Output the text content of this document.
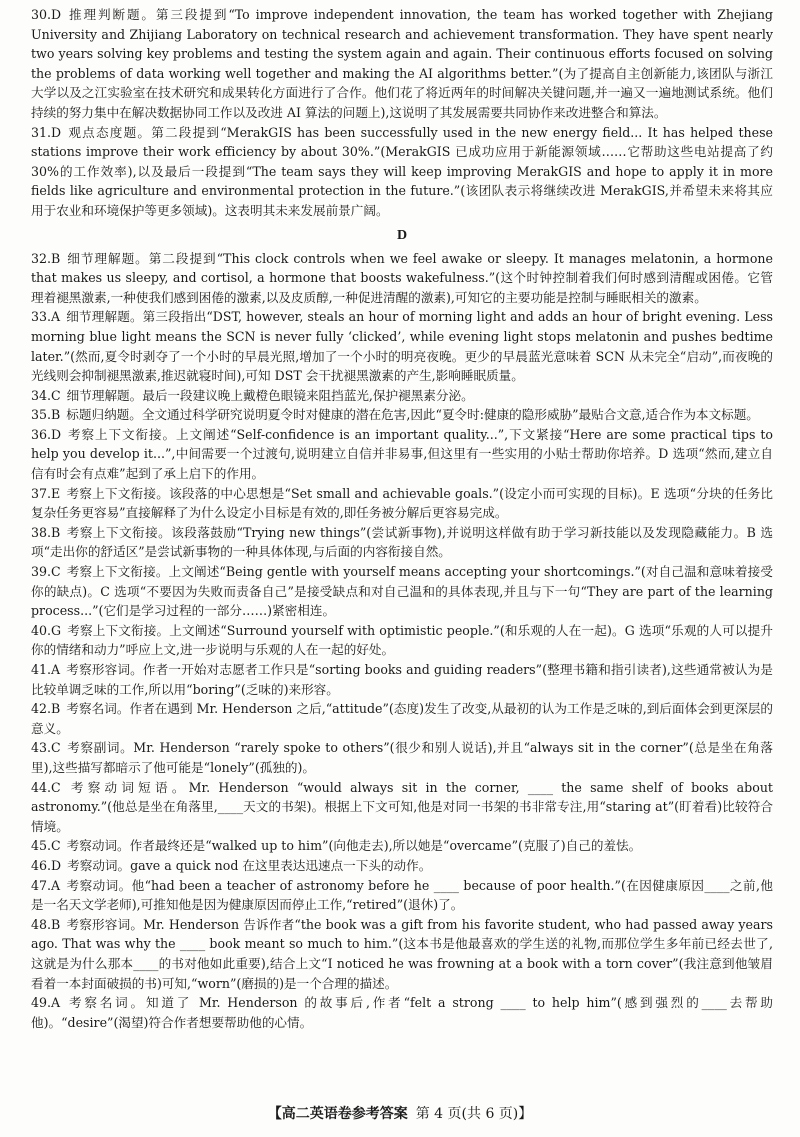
30.D 推理判断题。第三段提到“To improve independent innovation, the team has worked together with Zhejiang University and Zhijiang Laboratory on technical research and achievement transformation. They have spent nearly two years solving key problems and testing the system again and again. Their continuous efforts focused on solving the problems of data working well together and making the AI algorithms better.”(为了提高自主创新能力,该团队与浙江大学以及之江实验室在技术研究和成果转化方面进行了合作。他们花了将近两年的时间解决关键问题,并一遍又一遍地测试系统。他们持续的努力集中在解决数据协同工作以及改进 AI 算法的问题上),这说明了其发展需要共同协作来改进整合和算法。

31.D 观点态度题。第二段提到“MerakGIS has been successfully used in the new energy field... It has helped these stations improve their work efficiency by about 30%.”(MerakGIS 已成功应用于新能源领域……它帮助这些电站提高了约 30%的工作效率),以及最后一段提到“The team says they will keep improving MerakGIS and hope to apply it in more fields like agriculture and environmental protection in the future.”(该团队表示将继续改进 MerakGIS,并希望未来将其应用于农业和环境保护等更多领域)。这表明其未来发展前景广阔。

D

32.B 细节理解题。第二段提到“This clock controls when we feel awake or sleepy. It manages melatonin, a hormone that makes us sleepy, and cortisol, a hormone that boosts wakefulness.”(这个时钟控制着我们何时感到清醒或困倦。它管理着褪黑激素,一种使我们感到困倦的激素,以及皮质醇,一种促进清醒的激素),可知它的主要功能是控制与睡眠相关的激素。

33.A 细节理解题。第三段指出“DST, however, steals an hour of morning light and adds an hour of bright evening. Less morning blue light means the SCN is never fully ‘clicked’, while evening light stops melatonin and pushes bedtime later.”(然而,夏令时剥夺了一个小时的早晨光照,增加了一个小时的明亮夜晚。更少的早晨蓝光意味着 SCN 从未完全“启动”,而夜晚的光线则会抑制褪黑激素,推迟就寝时间),可知 DST 会干扰褪黑激素的产生,影响睡眠质量。

34.C 细节理解题。最后一段建议晚上戴橙色眼镜来阻挡蓝光,保护褪黑素分泌。

35.B 标题归纳题。全文通过科学研究说明夏令时对健康的潜在危害,因此“夏令时:健康的隐形威胁”最贴合文意,适合作为本文标题。

36.D 考察上下文衔接。上文阐述“Self-confidence is an important quality...”,下文紧接“Here are some practical tips to help you develop it...”,中间需要一个过渡句,说明建立自信并非易事,但这里有一些实用的小贴士帮助你培养。D 选项“然而,建立自信有时会有点难”起到了承上启下的作用。

37.E 考察上下文衔接。该段落的中心思想是“Set small and achievable goals.”(设定小而可实现的目标)。E 选项“分块的任务比复杂任务更容易”直接解释了为什么设定小目标是有效的,即任务被分解后更容易完成。

38.B 考察上下文衔接。该段落鼓励“Trying new things”(尝试新事物),并说明这样做有助于学习新技能以及发现隐藏能力。B 选项“走出你的舒适区”是尝试新事物的一种具体体现,与后面的内容衔接自然。

39.C 考察上下文衔接。上文阐述“Being gentle with yourself means accepting your shortcomings.”(对自己温和意味着接受你的缺点)。C 选项“不要因为失败而责备自己”是接受缺点和对自己温和的具体表现,并且与下一句“They are part of the learning process...”(它们是学习过程的一部分……)紧密相连。

40.G 考察上下文衔接。上文阐述“Surround yourself with optimistic people.”(和乐观的人在一起)。G 选项“乐观的人可以提升你的情绪和动力”呼应上文,进一步说明与乐观的人在一起的好处。

41.A 考察形容词。作者一开始对志愿者工作只是“sorting books and guiding readers”(整理书籍和指引读者),这些通常被认为是比较单调乏味的工作,所以用“boring”(乏味的)来形容。

42.B 考察名词。作者在遇到 Mr. Henderson 之后,“attitude”(态度)发生了改变,从最初的认为工作是乏味的,到后面体会到更深层的意义。

43.C 考察副词。Mr. Henderson “rarely spoke to others”(很少和别人说话),并且“always sit in the corner”(总是坐在角落里),这些描写都暗示了他可能是“lonely”(孤独的)。

44.C 考察动词短语。Mr. Henderson “would always sit in the corner, ____ the same shelf of books about astronomy.”(他总是坐在角落里,____天文的书架)。根据上下文可知,他是对同一书架的书非常专注,用“staring at”(盯着看)比较符合情境。

45.C 考察动词。作者最终还是“walked up to him”(向他走去),所以她是“overcame”(克服了)自己的羞怯。

46.D 考察动词。gave a quick nod 在这里表达迅速点一下头的动作。

47.A 考察动词。他“had been a teacher of astronomy before he ____ because of poor health.”(在因健康原因____之前,他是一名天文学老师),可推知他是因为健康原因而停止工作,“retired”(退休)了。

48.B 考察形容词。Mr. Henderson 告诉作者“the book was a gift from his favorite student, who had passed away years ago. That was why the ____ book meant so much to him.”(这本书是他最喜欢的学生送的礼物,而那位学生多年前已经去世了,这就是为什么那本____的书对他如此重要),结合上文“I noticed he was frowning at a book with a torn cover”(我注意到他皱眉看着一本封面破损的书)可知,“worn”(磨损的)是一个合理的描述。

49.A 考察名词。知道了 Mr. Henderson 的故事后,作者“felt a strong ____ to help him”(感到强烈的____去帮助他)。“desire”(渴望)符合作者想要帮助他的心情。

【高二英语卷参考答案 第 4 页(共 6 页)】
